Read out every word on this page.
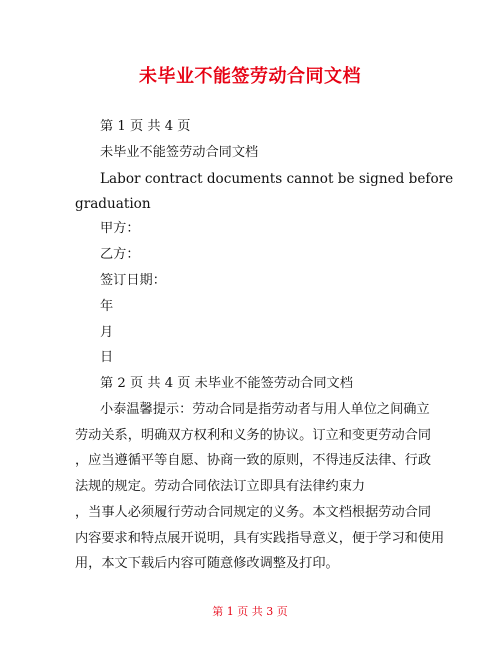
未毕业不能签劳动合同文档
第 1 页 共 4 页
未毕业不能签劳动合同文档
Labor contract documents cannot be signed before
graduation
甲方：
乙方：
签订日期：
年
月
日
第 2 页 共 4 页 未毕业不能签劳动合同文档
小泰温馨提示：劳动合同是指劳动者与用人单位之间确立
劳动关系，明确双方权利和义务的协议。订立和变更劳动合同
，应当遵循平等自愿、协商一致的原则，不得违反法律、行政
法规的规定。劳动合同依法订立即具有法律约束力
，当事人必须履行劳动合同规定的义务。本文档根据劳动合同
内容要求和特点展开说明，具有实践指导意义，便于学习和使用
用，本文下载后内容可随意修改调整及打印。
第 1 页 共 3 页
